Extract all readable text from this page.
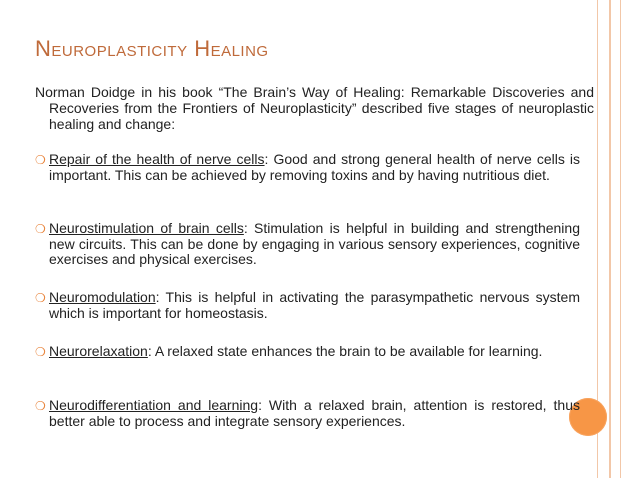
Neuroplasticity Healing
Norman Doidge in his book “The Brain’s Way of Healing: Remarkable Discoveries and Recoveries from the Frontiers of Neuroplasticity” described five stages of neuroplastic healing and change:
❍ Repair of the health of nerve cells: Good and strong general health of nerve cells is important. This can be achieved by removing toxins and by having nutritious diet.
❍ Neurostimulation of brain cells: Stimulation is helpful in building and strengthening new circuits. This can be done by engaging in various sensory experiences, cognitive exercises and physical exercises.
❍ Neuromodulation: This is helpful in activating the parasympathetic nervous system which is important for homeostasis.
❍ Neurorelaxation: A relaxed state enhances the brain to be available for learning.
❍ Neurodifferentiation and learning: With a relaxed brain, attention is restored, thus better able to process and integrate sensory experiences.
